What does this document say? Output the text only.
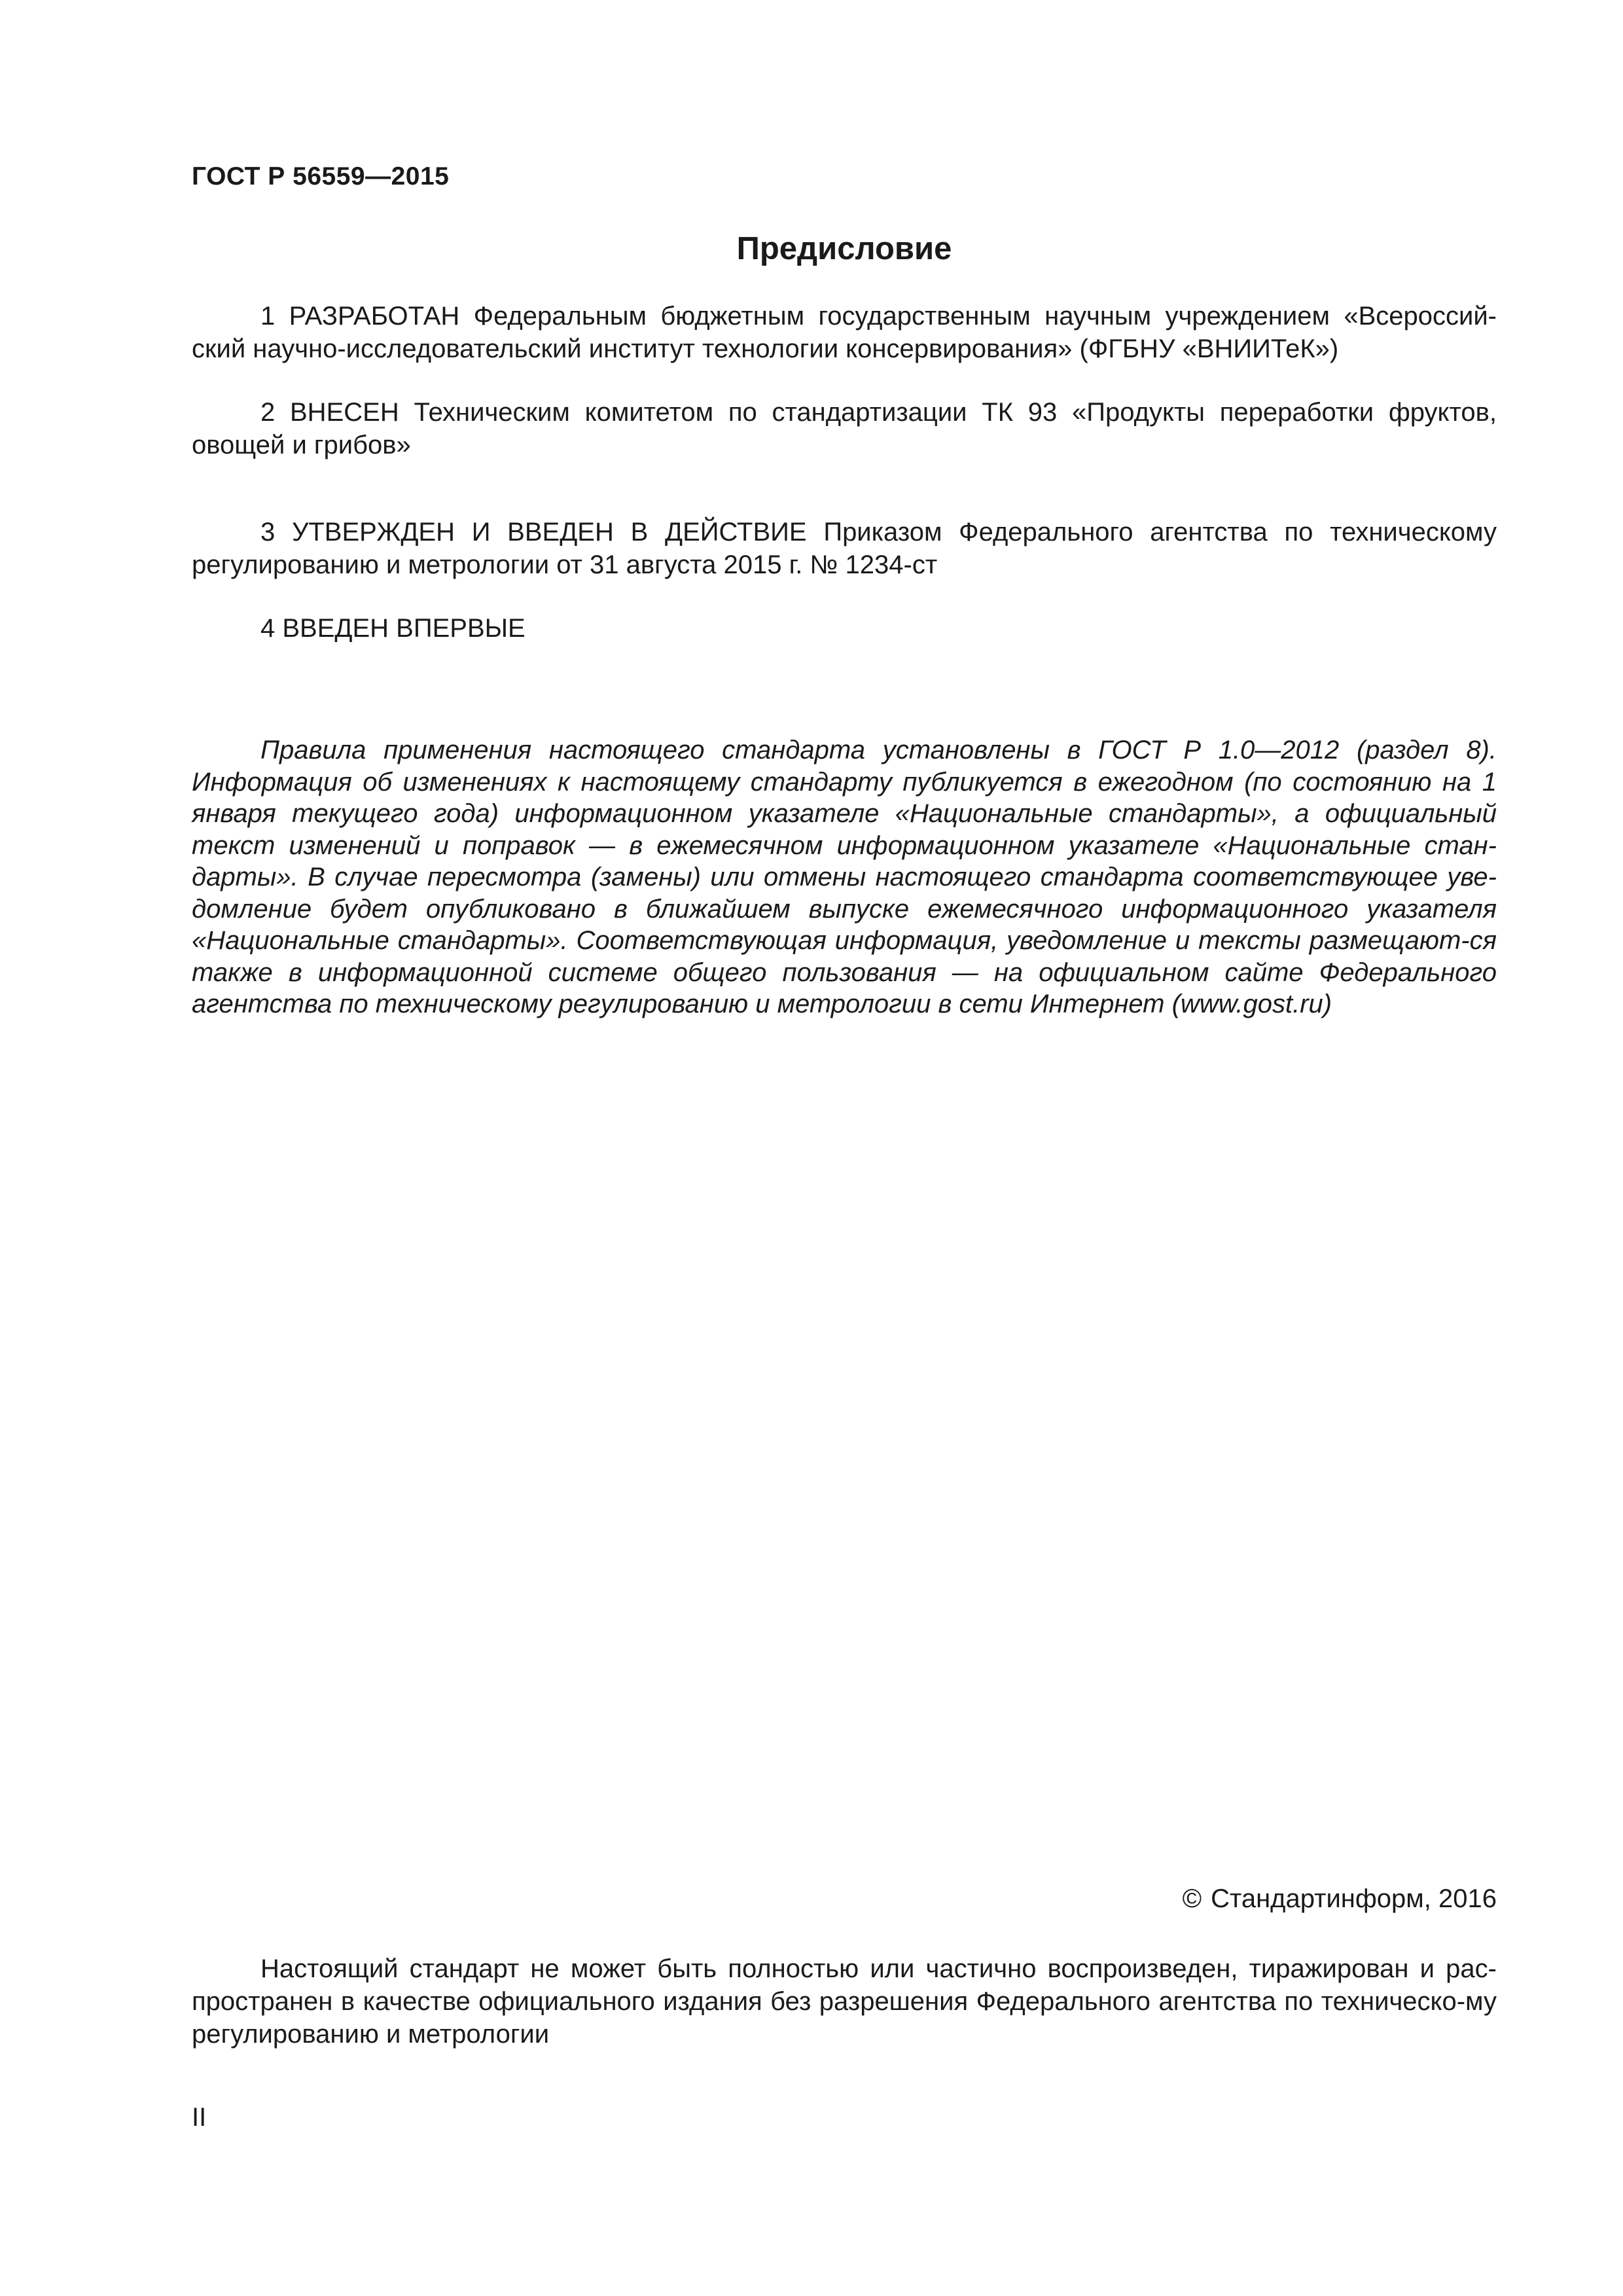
ГОСТ Р 56559—2015

Предисловие

1 РАЗРАБОТАН Федеральным бюджетным государственным научным учреждением «Всероссий-ский научно-исследовательский институт технологии консервирования» (ФГБНУ «ВНИИТеК»)

2 ВНЕСЕН Техническим комитетом по стандартизации ТК 93 «Продукты переработки фруктов, овощей и грибов»

3 УТВЕРЖДЕН И ВВЕДЕН В ДЕЙСТВИЕ Приказом Федерального агентства по техническому регулированию и метрологии от 31 августа 2015 г. № 1234-ст

4 ВВЕДЕН ВПЕРВЫЕ

Правила применения настоящего стандарта установлены в ГОСТ Р 1.0—2012 (раздел 8). Информация об изменениях к настоящему стандарту публикуется в ежегодном (по состоянию на 1 января текущего года) информационном указателе «Национальные стандарты», а официальный текст изменений и поправок — в ежемесячном информационном указателе «Национальные стан-дарты». В случае пересмотра (замены) или отмены настоящего стандарта соответствующее уве-домление будет опубликовано в ближайшем выпуске ежемесячного информационного указателя «Национальные стандарты». Соответствующая информация, уведомление и тексты размещают-ся также в информационной системе общего пользования — на официальном сайте Федерального агентства по техническому регулированию и метрологии в сети Интернет (www.gost.ru)

© Стандартинформ, 2016

Настоящий стандарт не может быть полностью или частично воспроизведен, тиражирован и рас-пространен в качестве официального издания без разрешения Федерального агентства по техническо-му регулированию и метрологии

II
